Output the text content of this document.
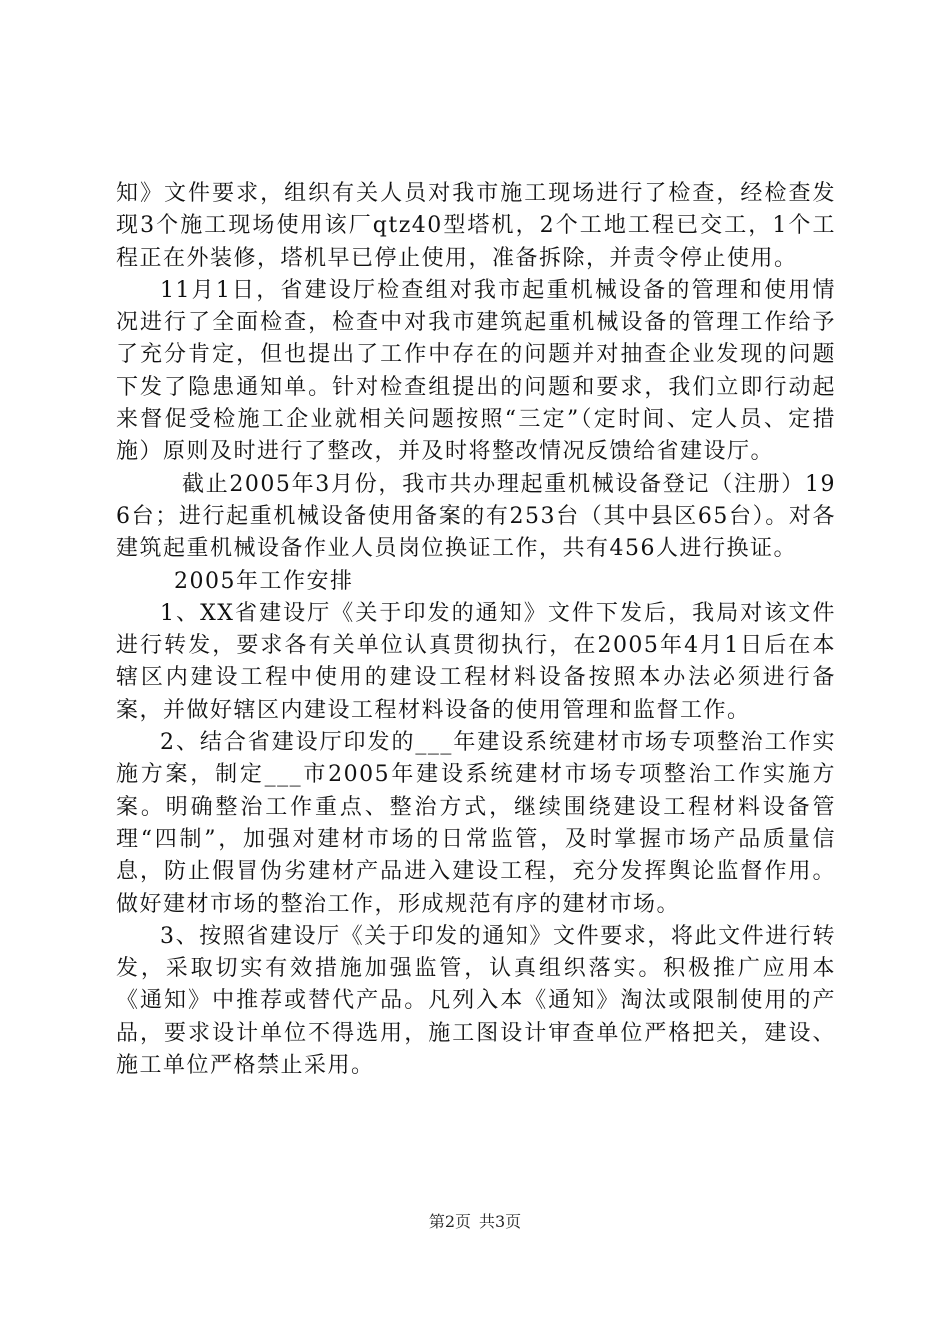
知》文件要求，组织有关人员对我市施工现场进行了检查，经检查发现3个施工现场使用该厂qtz40型塔机，2个工地工程已交工，1个工程正在外装修，塔机早已停止使用，准备拆除，并责令停止使用。

11月1日，省建设厅检查组对我市起重机械设备的管理和使用情况进行了全面检查，检查中对我市建筑起重机械设备的管理工作给予了充分肯定，但也提出了工作中存在的问题并对抽查企业发现的问题下发了隐患通知单。针对检查组提出的问题和要求，我们立即行动起来督促受检施工企业就相关问题按照“三定”（定时间、定人员、定措施）原则及时进行了整改，并及时将整改情况反馈给省建设厅。

截止2005年3月份，我市共办理起重机械设备登记（注册）196台；进行起重机械设备使用备案的有253台（其中县区65台）。对各建筑起重机械设备作业人员岗位换证工作，共有456人进行换证。

2005年工作安排

1、XX省建设厅《关于印发的通知》文件下发后，我局对该文件进行转发，要求各有关单位认真贯彻执行，在2005年4月1日后在本辖区内建设工程中使用的建设工程材料设备按照本办法必须进行备案，并做好辖区内建设工程材料设备的使用管理和监督工作。

2、结合省建设厅印发的___年建设系统建材市场专项整治工作实施方案，制定___市2005年建设系统建材市场专项整治工作实施方案。明确整治工作重点、整治方式，继续围绕建设工程材料设备管理“四制”，加强对建材市场的日常监管，及时掌握市场产品质量信息，防止假冒伪劣建材产品进入建设工程，充分发挥舆论监督作用。做好建材市场的整治工作，形成规范有序的建材市场。

3、按照省建设厅《关于印发的通知》文件要求，将此文件进行转发，采取切实有效措施加强监管，认真组织落实。积极推广应用本《通知》中推荐或替代产品。凡列入本《通知》淘汰或限制使用的产品，要求设计单位不得选用，施工图设计审查单位严格把关，建设、施工单位严格禁止采用。

第2页 共3页
